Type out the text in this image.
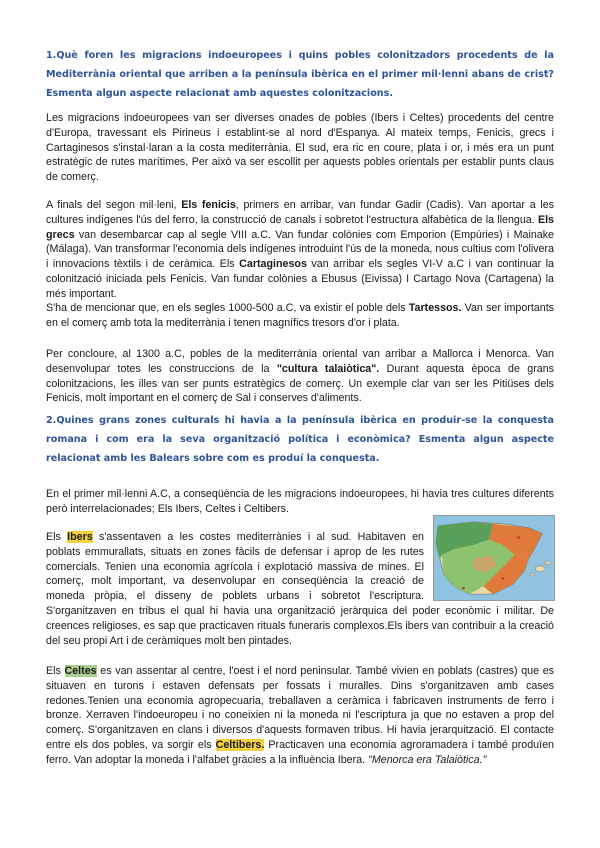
1.Què foren les migracions indoeuropees i quins pobles colonitzadors procedents de la Mediterrània oriental que arriben a la península ibèrica en el primer mil·lenni abans de crist? Esmenta algun aspecte relacionat amb aquestes colonitzacions.

Les migracions indoeuropees van ser diverses onades de pobles (Ibers i Celtes) procedents del centre d'Europa, travessant els Pirineus i establint-se al nord d'Espanya. Al mateix temps, Fenicis, grecs i Cartaginesos s'instal·laran a la costa mediterrània. El sud, era ric en coure, plata i or, i més era un punt estratègic de rutes marítimes, Per això va ser escollit per aquests pobles orientals per establir punts claus de comerç.

A finals del segon mil·leni, Els fenicis, primers en arribar, van fundar Gadir (Cadis). Van aportar a les cultures indígenes l'ús del ferro, la construcció de canals i sobretot l'estructura alfabètica de la llengua. Els grecs van desembarcar cap al segle VIII a.C. Van fundar colònies com Emporion (Empúries) i Mainake (Málaga). Van transformar l'economia dels indígenes introduint l'ús de la moneda, nous cultius com l'olivera i innovacions tèxtils i de ceràmica. Els Cartaginesos van arribar els segles VI-V a.C i van continuar la colonització iniciada pels Fenicis. Van fundar colònies a Ebusus (Eivissa) I Cartago Nova (Cartagena) la més important.

S'ha de mencionar que, en els segles 1000-500 a.C, va existir el poble dels Tartessos. Van ser importants en el comerç amb tota la mediterrània i tenen magnífics tresors d'or i plata.

Per concloure, al 1300 a.C, pobles de la mediterrània oriental van arribar a Mallorca i Menorca. Van desenvolupar totes les construccions de la "cultura talaiòtica". Durant aquesta època de grans colonitzacions, les illes van ser punts estratègics de comerç. Un exemple clar van ser les Pitiüses dels Fenicis, molt important en el comerç de Sal i conserves d'aliments.

2.Quines grans zones culturals hi havia a la península ibèrica en produir-se la conquesta romana i com era la seva organització política i econòmica? Esmenta algun aspecte relacionat amb les Balears sobre com es produí la conquesta.

En el primer mil·lenni A.C, a conseqüència de les migracions indoeuropees, hi havia tres cultures diferents però interrelacionades; Els Ibers, Celtes i Celtibers.

Els Ibers s'assentaven a les costes mediterrànies i al sud. Habitaven en poblats emmurallats, situats en zones fàcils de defensar i aprop de les rutes comercials. Tenien una economia agrícola i explotació massiva de mines. El comerç, molt important, va desenvolupar en conseqüència la creació de moneda pròpia, el disseny de poblets urbans i sobretot l'escriptura. S'organitzaven en tribus el qual hi havia una organització jeràrquica del poder econòmic i militar. De creences religioses, es sap que practicaven rituals funeraris complexos.Els ibers van contribuir a la creació del seu propi Art i de ceràmiques molt ben pintades.

Els Celtes es van assentar al centre, l'oest i el nord peninsular. També vivien en poblats (castres) que es situaven en turons i estaven defensats per fossats i muralles. Dins s'organitzaven amb cases redones.Tenien una economia agropecuaria, treballaven a ceràmica i fabricaven instruments de ferro i bronze. Xerraven l'indoeuropeu i no coneixien ni la moneda ni l'escriptura ja que no estaven a prop del comerç. S'organitzaven en clans i diversos d'aquests formaven tribus. Hi havia jerarquització. El contacte entre els dos pobles, va sorgir els Celtibers. Practicaven una economia agroramadera i també produïen ferro. Van adoptar la moneda i l'alfabet gràcies a la influència Ibera. "Menorca era Talaiòtica."
